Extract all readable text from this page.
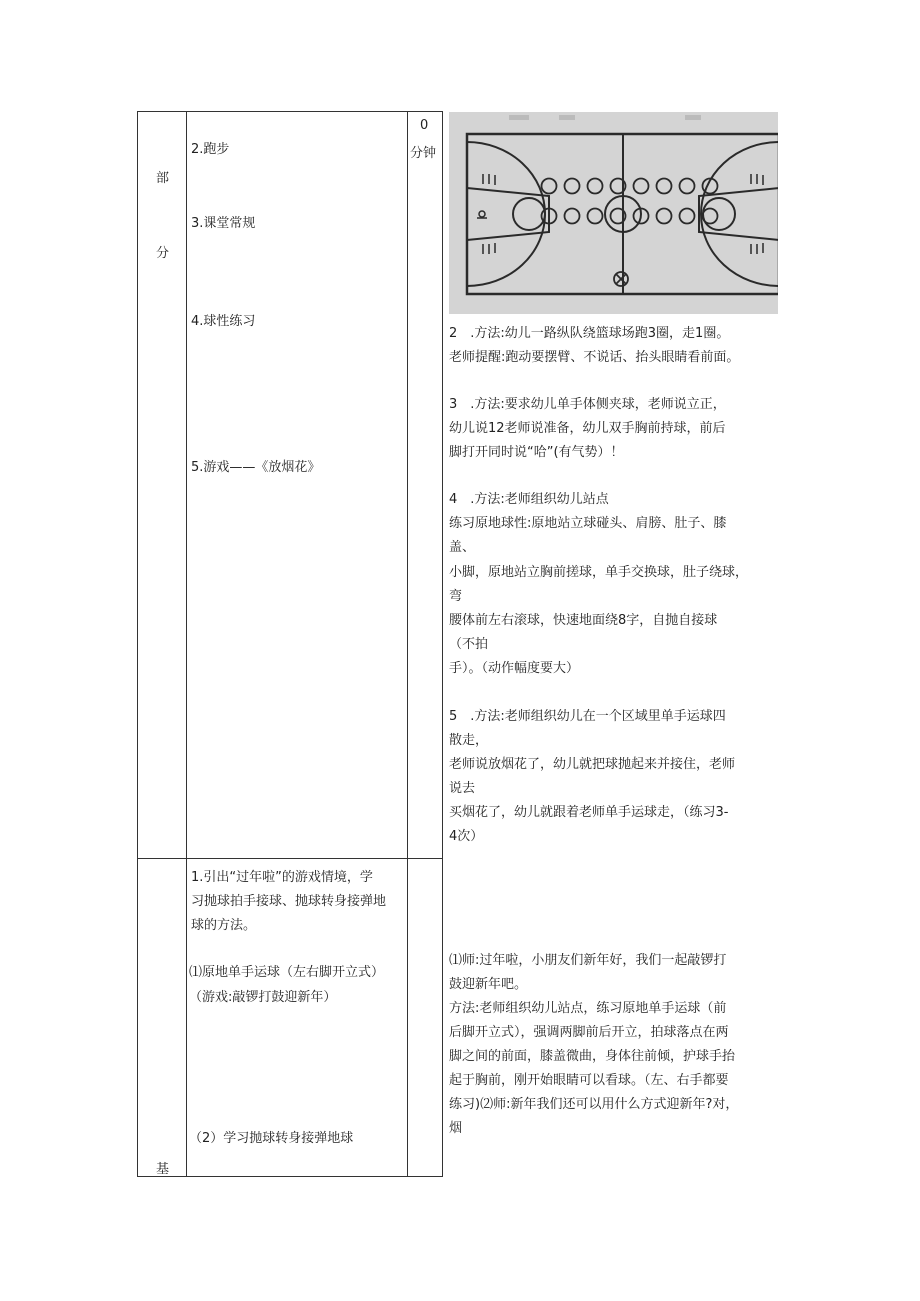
部
分
基
2.跑步
3.课堂常规
4.球性练习
5.游戏——《放烟花》
1.引出“过年啦”的游戏情境，学
习抛球拍手接球、抛球转身接弹地
球的方法。
⑴原地单手运球（左右脚开立式）
（游戏:敲锣打鼓迎新年）
（2）学习抛球转身接弹地球
0
分钟
2　.方法:幼儿一路纵队绕篮球场跑3圈，走1圈。
老师提醒:跑动要摆臂、不说话、抬头眼睛看前面。
3　.方法:要求幼儿单手体侧夹球，老师说立正，
幼儿说12老师说准备，幼儿双手胸前持球，前后
脚打开同时说“哈”(有气势）！
4　.方法:老师组织幼儿站点
练习原地球性:原地站立球碰头、肩膀、肚子、膝
盖、
小脚，原地站立胸前搓球，单手交换球，肚子绕球，
弯
腰体前左右滚球，快速地面绕8字，自抛自接球
（不拍
手）。（动作幅度要大）
5　.方法:老师组织幼儿在一个区域里单手运球四
散走，
老师说放烟花了，幼儿就把球抛起来并接住，老师
说去
买烟花了，幼儿就跟着老师单手运球走，（练习3-
4次）
⑴师:过年啦，小朋友们新年好，我们一起敲锣打
鼓迎新年吧。
方法:老师组织幼儿站点，练习原地单手运球（前
后脚开立式），强调两脚前后开立，拍球落点在两
脚之间的前面，膝盖微曲，身体往前倾，护球手抬
起于胸前，刚开始眼睛可以看球。（左、右手都要
练习)⑵师:新年我们还可以用什么方式迎新年?对，
烟
